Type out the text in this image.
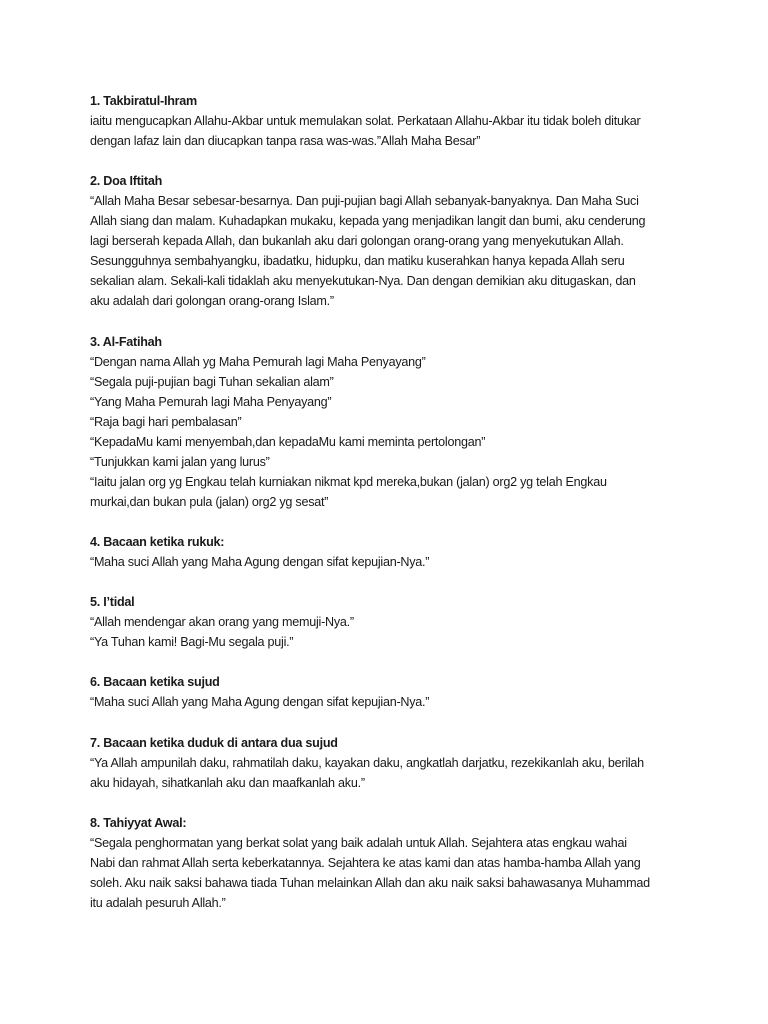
1. Takbiratul-Ihram
iaitu mengucapkan Allahu-Akbar untuk memulakan solat. Perkataan Allahu-Akbar itu tidak boleh ditukar
dengan lafaz lain dan diucapkan tanpa rasa was-was.”Allah Maha Besar”
2. Doa Iftitah
“Allah Maha Besar sebesar-besarnya. Dan puji-pujian bagi Allah sebanyak-banyaknya. Dan Maha Suci
Allah siang dan malam. Kuhadapkan mukaku, kepada yang menjadikan langit dan bumi, aku cenderung
lagi berserah kepada Allah, dan bukanlah aku dari golongan orang-orang yang menyekutukan Allah.
Sesungguhnya sembahyangku, ibadatku, hidupku, dan matiku kuserahkan hanya kepada Allah seru
sekalian alam. Sekali-kali tidaklah aku menyekutukan-Nya. Dan dengan demikian aku ditugaskan, dan
aku adalah dari golongan orang-orang Islam.”
3. Al-Fatihah
“Dengan nama Allah yg Maha Pemurah lagi Maha Penyayang”
“Segala puji-pujian bagi Tuhan sekalian alam”
“Yang Maha Pemurah lagi Maha Penyayang”
“Raja bagi hari pembalasan”
“KepadaMu kami menyembah,dan kepadaMu kami meminta pertolongan”
“Tunjukkan kami jalan yang lurus”
“Iaitu jalan org yg Engkau telah kurniakan nikmat kpd mereka,bukan (jalan) org2 yg telah Engkau
murkai,dan bukan pula (jalan) org2 yg sesat”
4. Bacaan ketika rukuk:
“Maha suci Allah yang Maha Agung dengan sifat kepujian-Nya.”
5. I’tidal
“Allah mendengar akan orang yang memuji-Nya.”
“Ya Tuhan kami! Bagi-Mu segala puji.”
6. Bacaan ketika sujud
“Maha suci Allah yang Maha Agung dengan sifat kepujian-Nya.”
7. Bacaan ketika duduk di antara dua sujud
“Ya Allah ampunilah daku, rahmatilah daku, kayakan daku, angkatlah darjatku, rezekikanlah aku, berilah
aku hidayah, sihatkanlah aku dan maafkanlah aku.”
8. Tahiyyat Awal:
“Segala penghormatan yang berkat solat yang baik adalah untuk Allah. Sejahtera atas engkau wahai
Nabi dan rahmat Allah serta keberkatannya. Sejahtera ke atas kami dan atas hamba-hamba Allah yang
soleh. Aku naik saksi bahawa tiada Tuhan melainkan Allah dan aku naik saksi bahawasanya Muhammad
itu adalah pesuruh Allah.”
